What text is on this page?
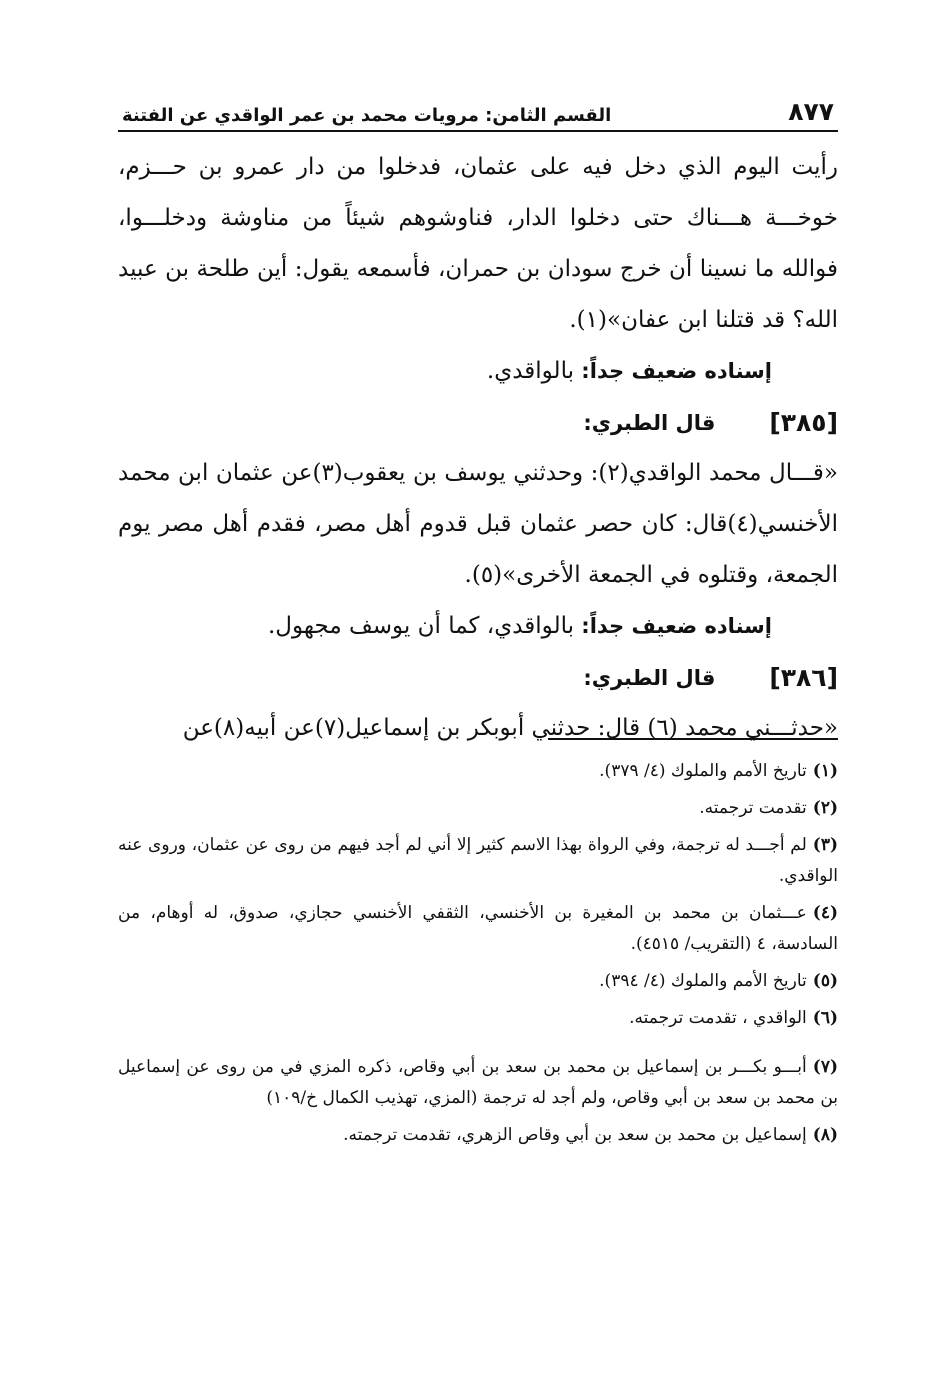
٨٧٧
القسم الثامن: مرويات محمد بن عمر الواقدي عن الفتنة

رأيت اليوم الذي دخل فيه على عثمان، فدخلوا من دار عمرو بن حـــزم، خوخـــة هـــناك حتى دخلوا الدار، فناوشوهم شيئاً من مناوشة ودخلـــوا، فوالله ما نسينا أن خرج سودان بن حمران، فأسمعه يقول: أين طلحة بن عبيد الله؟ قد قتلنا ابن عفان»(١).

إسناده ضعيف جداً: بالواقدي.

[٣٨٥]
قال الطبري:

«قـــال محمد الواقدي(٢): وحدثني يوسف بن يعقوب(٣)عن عثمان ابن محمد الأخنسي(٤)قال: كان حصر عثمان قبل قدوم أهل مصر، فقدم أهل مصر يوم الجمعة، وقتلوه في الجمعة الأخرى»(٥).

إسناده ضعيف جداً: بالواقدي، كما أن يوسف مجهول.

[٣٨٦]
قال الطبري:

«حدثـــني محمد (٦) قال: حدثني أبوبكر بن إسماعيل(٧)عن أبيه(٨)عن

(١)تاريخ الأمم والملوك (٤/ ٣٧٩).

(٢)تقدمت ترجمته.

(٣)لم أجـــد له ترجمة، وفي الرواة بهذا الاسم كثير إلا أني لم أجد فيهم من روى عن عثمان، وروى عنه الواقدي.

(٤)عـــثمان بن محمد بن المغيرة بن الأخنسي، الثقفي الأخنسي حجازي، صدوق، له أوهام، من السادسة، ٤ (التقريب/ ٤٥١٥).

(٥)تاريخ الأمم والملوك (٤/ ٣٩٤).

(٦)الواقدي ، تقدمت ترجمته.

(٧)أبـــو بكـــر بن إسماعيل بن محمد بن سعد بن أبي وقاص، ذكره المزي في من روى عن إسماعيل بن محمد بن سعد بن أبي وقاص، ولم أجد له ترجمة (المزي، تهذيب الكمال خ/١٠٩)

(٨)إسماعيل بن محمد بن سعد بن أبي وقاص الزهري، تقدمت ترجمته.
